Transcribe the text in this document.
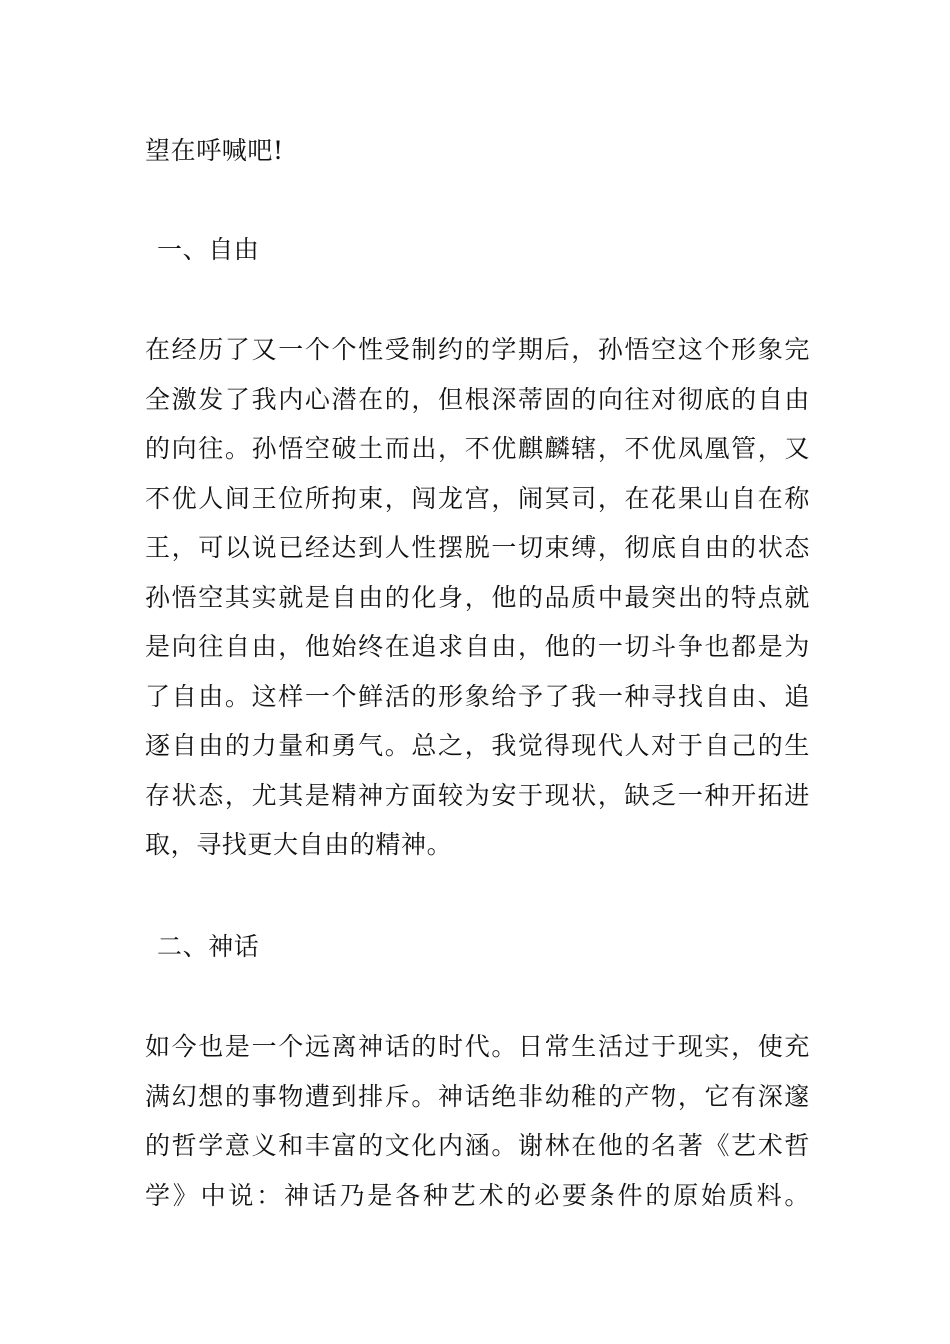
望在呼喊吧!

一、自由

在经历了又一个个性受制约的学期后，孙悟空这个形象完
全激发了我内心潜在的，但根深蒂固的向往对彻底的自由
的向往。孙悟空破土而出，不优麒麟辖，不优凤凰管，又
不优人间王位所拘束，闯龙宫，闹冥司，在花果山自在称
王，可以说已经达到人性摆脱一切束缚，彻底自由的状态
孙悟空其实就是自由的化身，他的品质中最突出的特点就
是向往自由，他始终在追求自由，他的一切斗争也都是为
了自由。这样一个鲜活的形象给予了我一种寻找自由、追
逐自由的力量和勇气。总之，我觉得现代人对于自己的生
存状态，尤其是精神方面较为安于现状，缺乏一种开拓进
取，寻找更大自由的精神。

二、神话

如今也是一个远离神话的时代。日常生活过于现实，使充
满幻想的事物遭到排斥。神话绝非幼稚的产物，它有深邃
的哲学意义和丰富的文化内涵。谢林在他的名著《艺术哲
学》中说：神话乃是各种艺术的必要条件的原始质料。
